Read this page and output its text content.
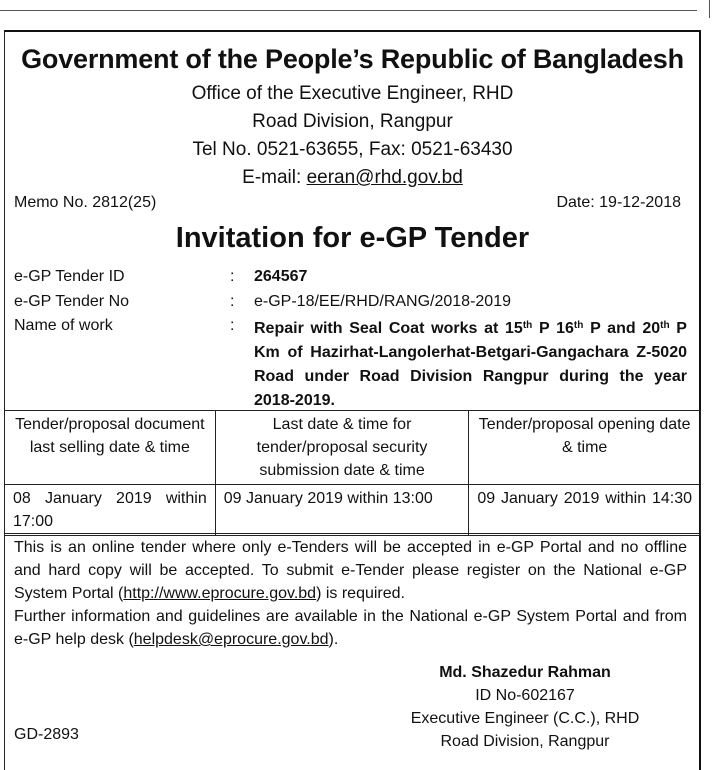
Government of the People’s Republic of Bangladesh
Office of the Executive Engineer, RHD
Road Division, Rangpur
Tel No. 0521-63655, Fax: 0521-63430
E-mail: eeran@rhd.gov.bd
Memo No. 2812(25)	Date: 19-12-2018
Invitation for e-GP Tender
e-GP Tender ID	: 264567
e-GP Tender No	: e-GP-18/EE/RHD/RANG/2018-2019
Name of work	: Repair with Seal Coat works at 15th P 16th P and 20th P Km of Hazirhat-Langolerhat-Betgari-Gangachara Z-5020 Road under Road Division Rangpur during the year 2018-2019.
Tender/proposal document last selling date & time	Last date & time for tender/proposal security submission date & time	Tender/proposal opening date & time
08 January 2019 within 17:00	09 January 2019 within 13:00	09 January 2019 within 14:30
This is an online tender where only e-Tenders will be accepted in e-GP Portal and no offline and hard copy will be accepted. To submit e-Tender please register on the National e-GP System Portal (http://www.eprocure.gov.bd) is required.
Further information and guidelines are available in the National e-GP System Portal and from e-GP help desk (helpdesk@eprocure.gov.bd).
Md. Shazedur Rahman
ID No-602167
Executive Engineer (C.C.), RHD
Road Division, Rangpur
GD-2893
